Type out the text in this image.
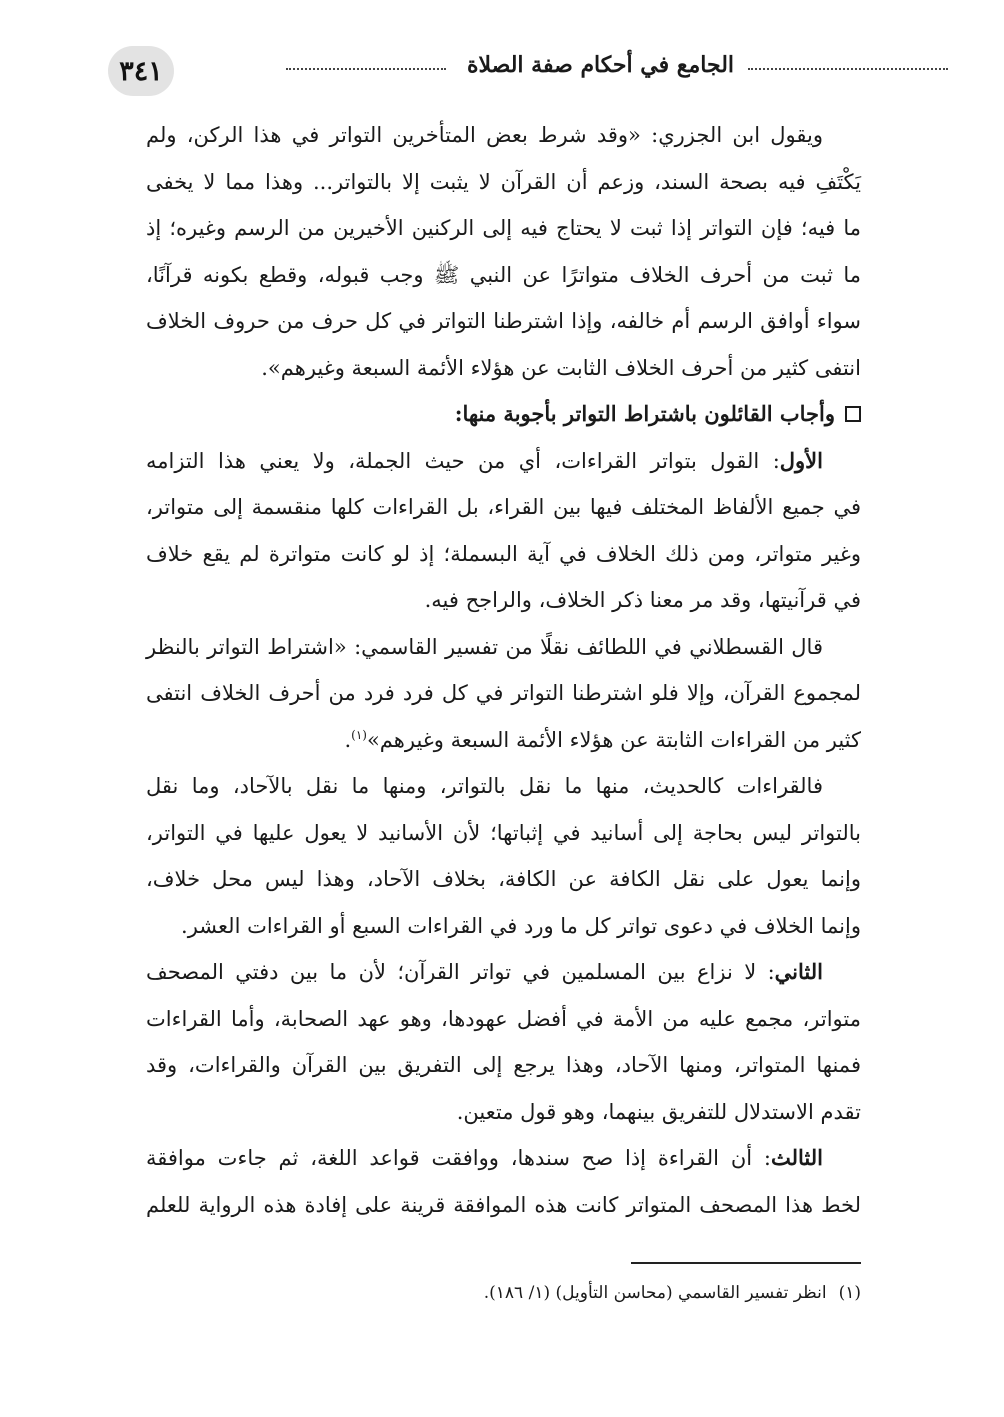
٣٤١	الجامع في أحكام صفة الصلاة
ويقول ابن الجزري: «وقد شرط بعض المتأخرين التواتر في هذا الركن، ولم
يَكْتَفِ فيه بصحة السند، وزعم أن القرآن لا يثبت إلا بالتواتر... وهذا مما لا يخفى
ما فيه؛ فإن التواتر إذا ثبت لا يحتاج فيه إلى الركنين الأخيرين من الرسم وغيره؛ إذ
ما ثبت من أحرف الخلاف متواترًا عن النبي ﷺ وجب قبوله، وقطع بكونه قرآنًا،
سواء أوافق الرسم أم خالفه، وإذا اشترطنا التواتر في كل حرف من حروف الخلاف
انتفى كثير من أحرف الخلاف الثابت عن هؤلاء الأئمة السبعة وغيرهم».
وأجاب القائلون باشتراط التواتر بأجوبة منها:
الأول: القول بتواتر القراءات، أي من حيث الجملة، ولا يعني هذا التزامه
في جميع الألفاظ المختلف فيها بين القراء، بل القراءات كلها منقسمة إلى متواتر،
وغير متواتر، ومن ذلك الخلاف في آية البسملة؛ إذ لو كانت متواترة لم يقع خلاف
في قرآنيتها، وقد مر معنا ذكر الخلاف، والراجح فيه.
قال القسطلاني في اللطائف نقلًا من تفسير القاسمي: «اشتراط التواتر بالنظر
لمجموع القرآن، وإلا فلو اشترطنا التواتر في كل فرد فرد من أحرف الخلاف انتفى
كثير من القراءات الثابتة عن هؤلاء الأئمة السبعة وغيرهم»$^{(١)}$.
فالقراءات كالحديث، منها ما نقل بالتواتر، ومنها ما نقل بالآحاد، وما نقل
بالتواتر ليس بحاجة إلى أسانيد في إثباتها؛ لأن الأسانيد لا يعول عليها في التواتر،
وإنما يعول على نقل الكافة عن الكافة، بخلاف الآحاد، وهذا ليس محل خلاف،
وإنما الخلاف في دعوى تواتر كل ما ورد في القراءات السبع أو القراءات العشر.
الثاني: لا نزاع بين المسلمين في تواتر القرآن؛ لأن ما بين دفتي المصحف
متواتر، مجمع عليه من الأمة في أفضل عهودها، وهو عهد الصحابة، وأما القراءات
فمنها المتواتر، ومنها الآحاد، وهذا يرجع إلى التفريق بين القرآن والقراءات، وقد
تقدم الاستدلال للتفريق بينهما، وهو قول متعين.
الثالث: أن القراءة إذا صح سندها، ووافقت قواعد اللغة، ثم جاءت موافقة
لخط هذا المصحف المتواتر كانت هذه الموافقة قرينة على إفادة هذه الرواية للعلم
(١)انظر تفسير القاسمي (محاسن التأويل) (١/ ١٨٦).
